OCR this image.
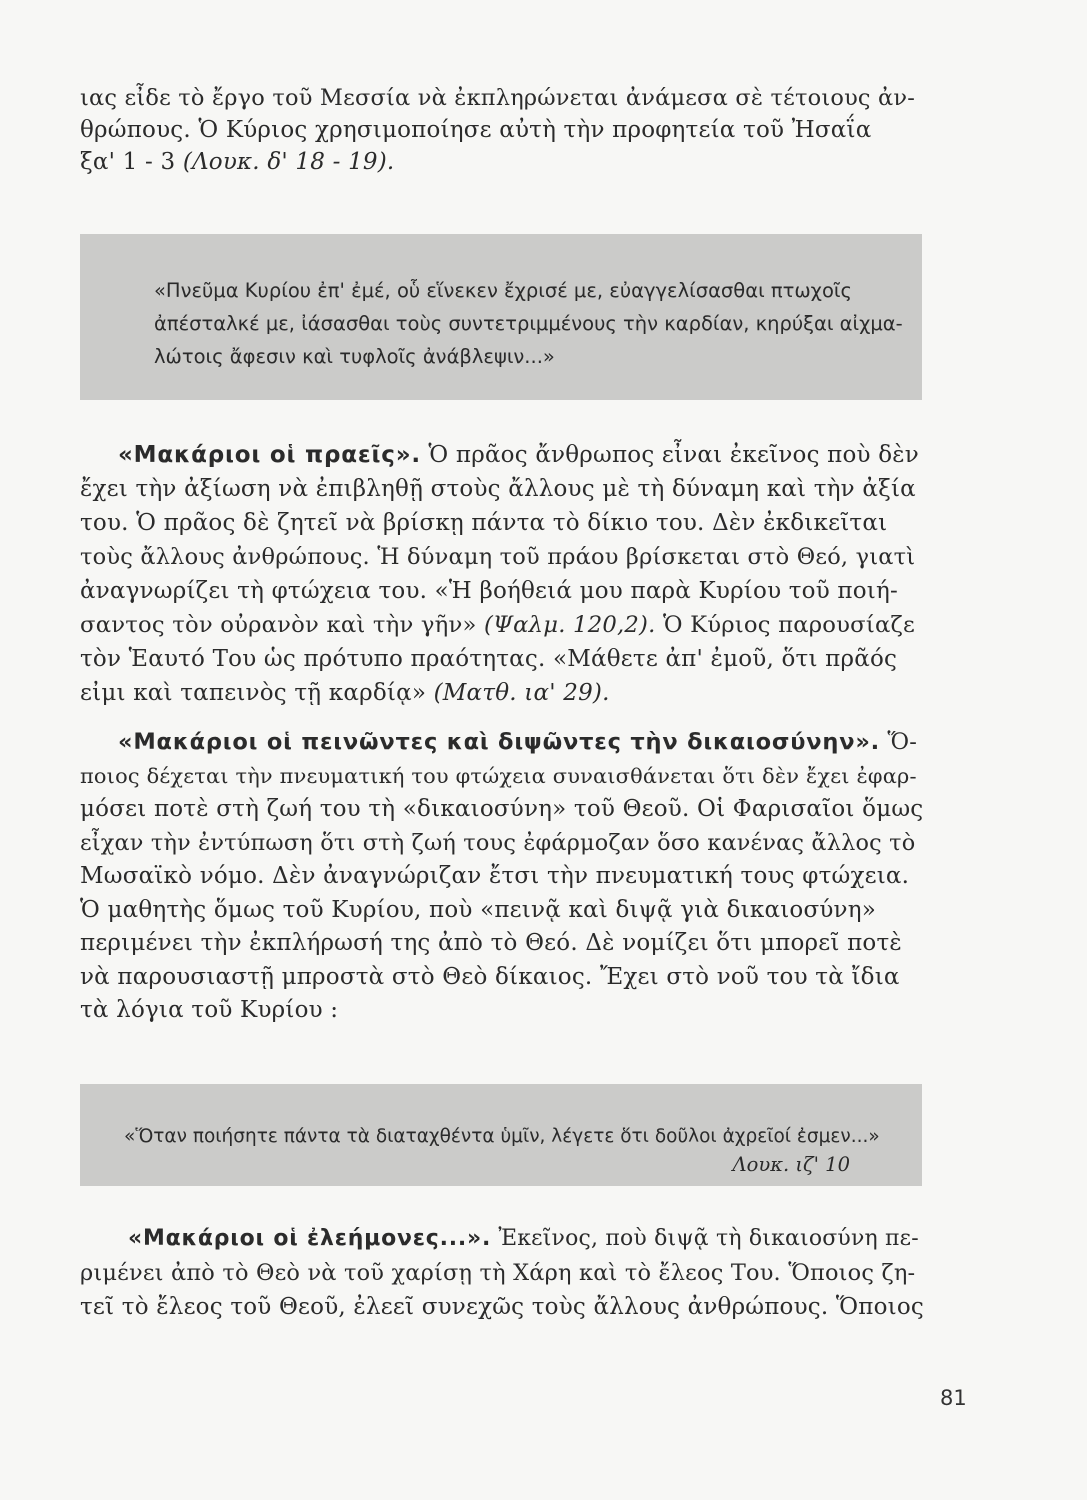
ιας εἶδε τὸ ἔργο τοῦ Μεσσία νὰ ἐκπληρώνεται ἀνάμεσα σὲ τέτοιους ἀν-
θρώπους. Ὁ Κύριος χρησιμοποίησε αὐτὴ τὴν προφητεία τοῦ Ἠσαΐα
ξα' 1 - 3 (Λουκ. δ' 18 - 19).
«Πνεῦμα Κυρίου ἐπ' ἐμέ, οὗ εἵνεκεν ἔχρισέ με, εὐαγγελίσασθαι πτωχοῖς
ἀπέσταλκέ με, ἰάσασθαι τοὺς συντετριμμένους τὴν καρδίαν, κηρύξαι αἰχμα-
λώτοις ἄφεσιν καὶ τυφλοῖς ἀνάβλεψιν...»
«Μακάριοι οἱ πραεῖς». Ὁ πρᾶος ἄνθρωπος εἶναι ἐκεῖνος ποὺ δὲν
ἔχει τὴν ἀξίωση νὰ ἐπιβληθῇ στοὺς ἄλλους μὲ τὴ δύναμη καὶ τὴν ἀξία
του. Ὁ πρᾶος δὲ ζητεῖ νὰ βρίσκῃ πάντα τὸ δίκιο του. Δὲν ἐκδικεῖται
τοὺς ἄλλους ἀνθρώπους. Ἡ δύναμη τοῦ πράου βρίσκεται στὸ Θεό, γιατὶ
ἀναγνωρίζει τὴ φτώχεια του. «Ἡ βοήθειά μου παρὰ Κυρίου τοῦ ποιή-
σαντος τὸν οὐρανὸν καὶ τὴν γῆν» (Ψαλμ. 120,2). Ὁ Κύριος παρουσίαζε
τὸν Ἑαυτό Του ὡς πρότυπο πραότητας. «Μάθετε ἀπ' ἐμοῦ, ὅτι πρᾶός
εἰμι καὶ ταπεινὸς τῇ καρδίᾳ» (Ματθ. ια' 29).
«Μακάριοι οἱ πεινῶντες καὶ διψῶντες τὴν δικαιοσύνην». Ὅ-
ποιος δέχεται τὴν πνευματική του φτώχεια συναισθάνεται ὅτι δὲν ἔχει ἐφαρ-
μόσει ποτὲ στὴ ζωή του τὴ «δικαιοσύνη» τοῦ Θεοῦ. Οἱ Φαρισαῖοι ὅμως
εἶχαν τὴν ἐντύπωση ὅτι στὴ ζωή τους ἐφάρμοζαν ὅσο κανένας ἄλλος τὸ
Μωσαϊκὸ νόμο. Δὲν ἀναγνώριζαν ἔτσι τὴν πνευματική τους φτώχεια.
Ὁ μαθητὴς ὅμως τοῦ Κυρίου, ποὺ «πεινᾷ καὶ διψᾷ γιὰ δικαιοσύνη»
περιμένει τὴν ἐκπλήρωσή της ἀπὸ τὸ Θεό. Δὲ νομίζει ὅτι μπορεῖ ποτὲ
νὰ παρουσιαστῇ μπροστὰ στὸ Θεὸ δίκαιος. Ἔχει στὸ νοῦ του τὰ ἴδια
τὰ λόγια τοῦ Κυρίου :
«Ὅταν ποιήσητε πάντα τὰ διαταχθέντα ὑμῖν, λέγετε ὅτι δοῦλοι ἀχρεῖοί ἐσμεν...»
Λουκ. ιζ' 10
«Μακάριοι οἱ ἐλεήμονες...». Ἐκεῖνος, ποὺ διψᾷ τὴ δικαιοσύνη πε-
ριμένει ἀπὸ τὸ Θεὸ νὰ τοῦ χαρίσῃ τὴ Χάρη καὶ τὸ ἔλεος Του. Ὅποιος ζη-
τεῖ τὸ ἔλεος τοῦ Θεοῦ, ἐλεεῖ συνεχῶς τοὺς ἄλλους ἀνθρώπους. Ὅποιος
81
